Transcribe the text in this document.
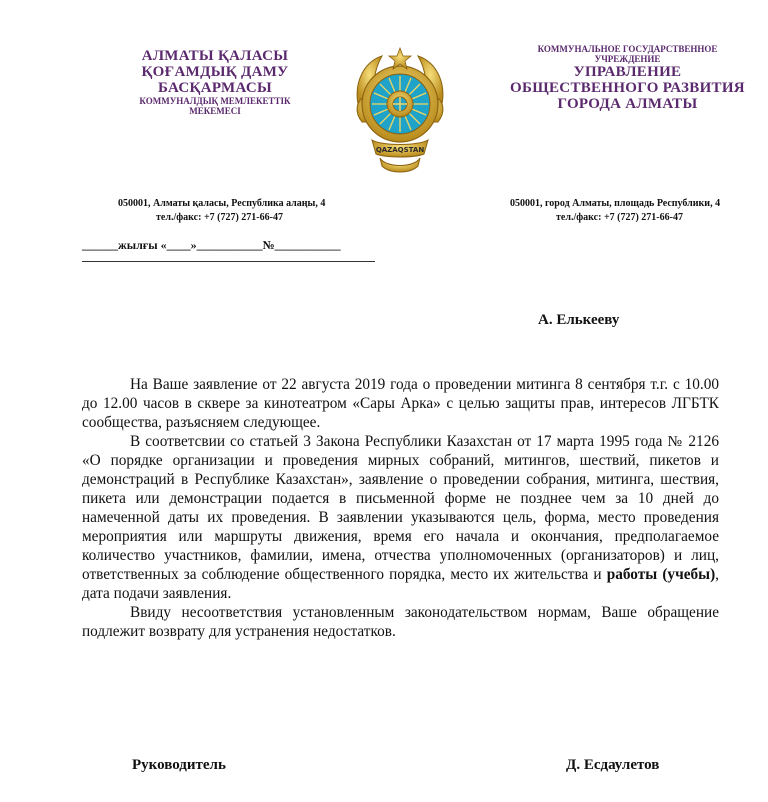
АЛМАТЫ ҚАЛАСЫ
ҚОҒАМДЫҚ ДАМУ
БАСҚАРМАСЫ
КОММУНАЛДЫҚ МЕМЛЕКЕТТІК
МЕКЕМЕСІ
QAZAQSTAN
КОММУНАЛЬНОЕ ГОСУДАРСТВЕННОЕ
УЧРЕЖДЕНИЕ
УПРАВЛЕНИЕ
ОБЩЕСТВЕННОГО РАЗВИТИЯ
ГОРОДА АЛМАТЫ
050001, Алматы қаласы, Республика алаңы, 4
тел./факс: +7 (727) 271-66-47
050001, город Алматы, площадь Республики, 4
тел./факс: +7 (727) 271-66-47
______жылғы «____»___________№___________
А. Елькееву

На Ваше заявление от 22 августа 2019 года о проведении митинга 8 сентября т.г. с 10.00 до 12.00 часов в сквере за кинотеатром «Сары Арка» с целью защиты прав, интересов ЛГБТК сообщества, разъясняем следующее.

В соответсвии со статьей 3 Закона Республики Казахстан от 17 марта 1995 года № 2126 «О порядке организации и проведения мирных собраний, митингов, шествий, пикетов и демонстраций в Республике Казахстан», заявление о проведении собрания, митинга, шествия, пикета или демонстрации подается в письменной форме не позднее чем за 10 дней до намеченной даты их проведения. В заявлении указываются цель, форма, место проведения мероприятия или маршруты движения, время его начала и окончания, предполагаемое количество участников, фамилии, имена, отчества уполномоченных (организаторов) и лиц, ответственных за соблюдение общественного порядка, место их жительства и работы (учебы), дата подачи заявления.

Ввиду несоответствия установленным законодательством нормам, Ваше обращение подлежит возврату для устранения недостатков.

Руководитель	Д. Есдаулетов
